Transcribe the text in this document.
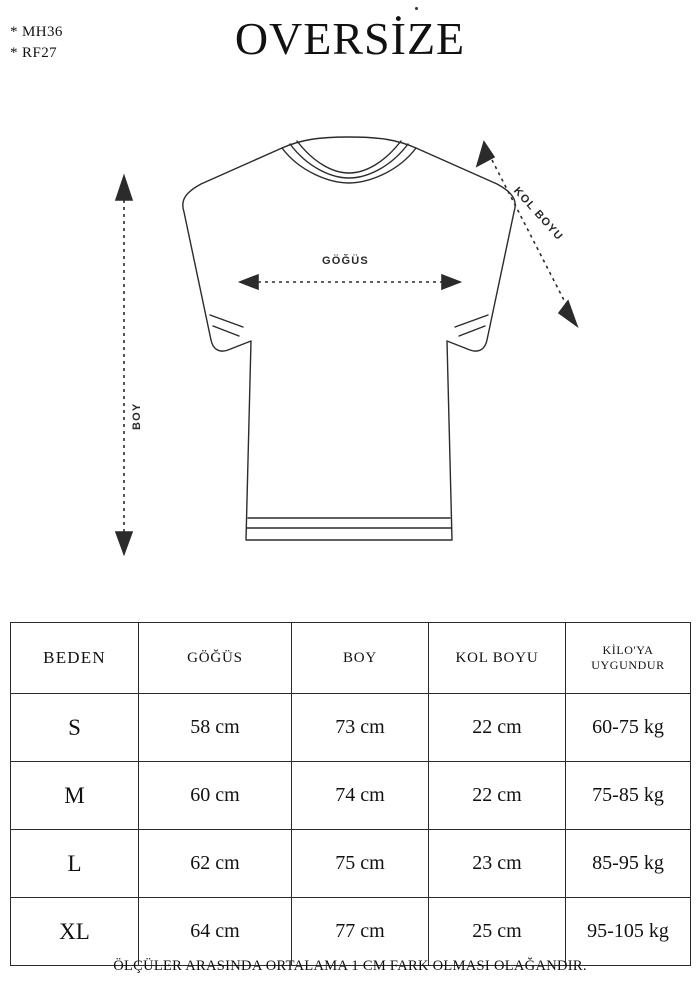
* MH36
* RF27	OVERSİZE
GÖĞÜS
BOY
KOL BOYU
BEDEN	GÖĞÜS	BOY	KOL BOYU	KİLO'YA
UYGUNDUR

S	58 cm	73 cm	22 cm	60-75 kg
M	60 cm	74 cm	22 cm	75-85 kg
L	62 cm	75 cm	23 cm	85-95 kg
XL	64 cm	77 cm	25 cm	95-105 kg
ÖLÇÜLER ARASINDA ORTALAMA 1 CM FARK OLMASI OLAĞANDIR.
